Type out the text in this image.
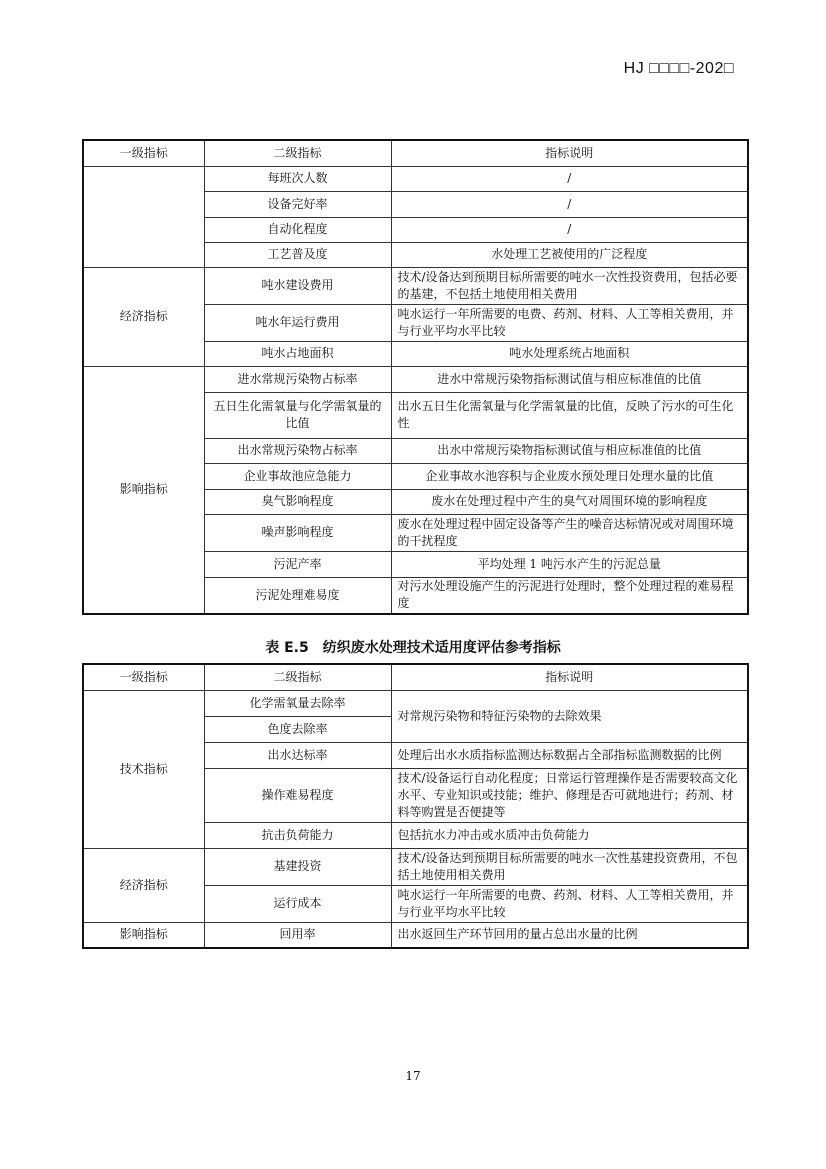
HJ □□□□-202□
一级指标	二级指标	指标说明
	每班次人数	/
	设备完好率	/
	自动化程度	/
	工艺普及度	水处理工艺被使用的广泛程度
经济指标	吨水建设费用	技术/设备达到预期目标所需要的吨水一次性投资费用，包括必要的基建，不包括土地使用相关费用
	吨水年运行费用	吨水运行一年所需要的电费、药剂、材料、人工等相关费用，并与行业平均水平比较
	吨水占地面积	吨水处理系统占地面积
影响指标	进水常规污染物占标率	进水中常规污染物指标测试值与相应标准值的比值
	五日生化需氧量与化学需氧量的比值	出水五日生化需氧量与化学需氧量的比值，反映了污水的可生化性
	出水常规污染物占标率	出水中常规污染物指标测试值与相应标准值的比值
	企业事故池应急能力	企业事故水池容积与企业废水预处理日处理水量的比值
	臭气影响程度	废水在处理过程中产生的臭气对周围环境的影响程度
	噪声影响程度	废水在处理过程中固定设备等产生的噪音达标情况或对周围环境的干扰程度
	污泥产率	平均处理 1 吨污水产生的污泥总量
	污泥处理难易度	对污水处理设施产生的污泥进行处理时，整个处理过程的难易程度
表 E.5　纺织废水处理技术适用度评估参考指标
一级指标	二级指标	指标说明
技术指标	化学需氧量去除率	对常规污染物和特征污染物的去除效果
	色度去除率	
	出水达标率	处理后出水水质指标监测达标数据占全部指标监测数据的比例
	操作难易程度	技术/设备运行自动化程度；日常运行管理操作是否需要较高文化水平、专业知识或技能；维护、修理是否可就地进行；药剂、材料等购置是否便捷等
	抗击负荷能力	包括抗水力冲击或水质冲击负荷能力
经济指标	基建投资	技术/设备达到预期目标所需要的吨水一次性基建投资费用，不包括土地使用相关费用
	运行成本	吨水运行一年所需要的电费、药剂、材料、人工等相关费用，并与行业平均水平比较
影响指标	回用率	出水返回生产环节回用的量占总出水量的比例
17
